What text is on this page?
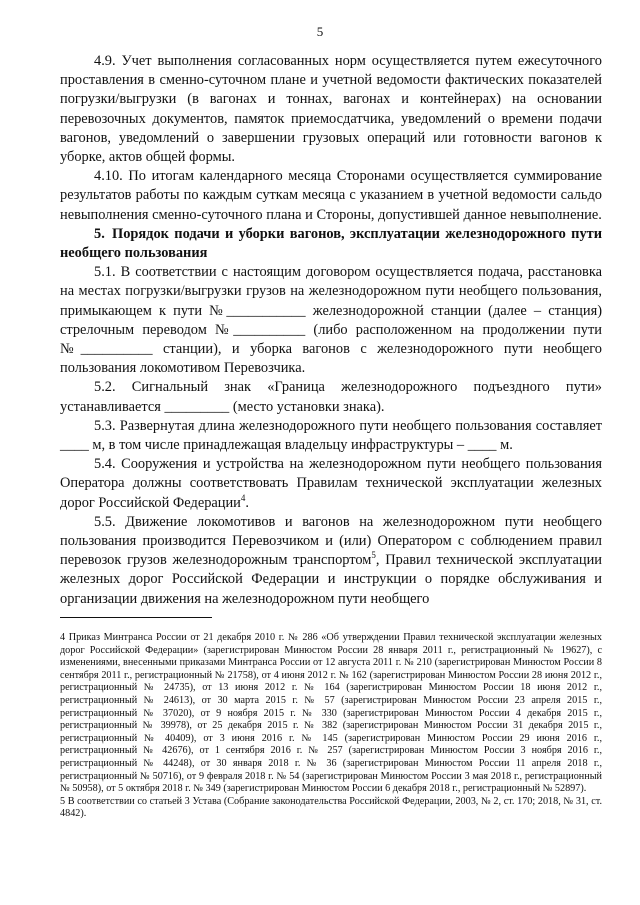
5

4.9. Учет выполнения согласованных норм осуществляется путем ежесуточного проставления в сменно-суточном плане и учетной ведомости фактических показателей погрузки/выгрузки (в вагонах и тоннах, вагонах и контейнерах) на основании перевозочных документов, памяток приемосдатчика, уведомлений о времени подачи вагонов, уведомлений о завершении грузовых операций или готовности вагонов к уборке, актов общей формы.

4.10. По итогам календарного месяца Сторонами осуществляется суммирование результатов работы по каждым суткам месяца с указанием в учетной ведомости сальдо невыполнения сменно-суточного плана и Стороны, допустившей данное невыполнение.

5. Порядок подачи и уборки вагонов, эксплуатации железнодорожного пути необщего пользования

5.1. В соответствии с настоящим договором осуществляется подача, расстановка на местах погрузки/выгрузки грузов на железнодорожном пути необщего пользования, примыкающем к пути №___________ железнодорожной станции (далее – станция) стрелочным переводом №__________ (либо расположенном на продолжении пути №__________ станции), и уборка вагонов с железнодорожного пути необщего пользования локомотивом Перевозчика.

5.2. Сигнальный знак «Граница железнодорожного подъездного пути» устанавливается _________ (место установки знака).

5.3. Развернутая длина железнодорожного пути необщего пользования составляет ____ м, в том числе принадлежащая владельцу инфраструктуры – ____ м.

5.4. Сооружения и устройства на железнодорожном пути необщего пользования Оператора должны соответствовать Правилам технической эксплуатации железных дорог Российской Федерации$^4$.

5.5. Движение локомотивов и вагонов на железнодорожном пути необщего пользования производится Перевозчиком и (или) Оператором с соблюдением правил перевозок грузов железнодорожным транспортом$^5$, Правил технической эксплуатации железных дорог Российской Федерации и инструкции о порядке обслуживания и организации движения на железнодорожном пути необщего

4 Приказ Минтранса России от 21 декабря 2010 г. № 286 «Об утверждении Правил технической эксплуатации железных дорог Российской Федерации» (зарегистрирован Минюстом России 28 января 2011 г., регистрационный № 19627), с изменениями, внесенными приказами Минтранса России от 12 августа 2011 г. № 210 (зарегистрирован Минюстом России 8 сентября 2011 г., регистрационный № 21758), от 4 июня 2012 г. № 162 (зарегистрирован Минюстом России 28 июня 2012 г., регистрационный № 24735), от 13 июня 2012 г. № 164 (зарегистрирован Минюстом России 18 июня 2012 г., регистрационный № 24613), от 30 марта 2015 г. № 57 (зарегистрирован Минюстом России 23 апреля 2015 г., регистрационный № 37020), от 9 ноября 2015 г. № 330 (зарегистрирован Минюстом России 4 декабря 2015 г., регистрационный № 39978), от 25 декабря 2015 г. № 382 (зарегистрирован Минюстом России 31 декабря 2015 г., регистрационный № 40409), от 3 июня 2016 г. № 145 (зарегистрирован Минюстом России 29 июня 2016 г., регистрационный № 42676), от 1 сентября 2016 г. № 257 (зарегистрирован Минюстом России 3 ноября 2016 г., регистрационный № 44248), от 30 января 2018 г. № 36 (зарегистрирован Минюстом России 11 апреля 2018 г., регистрационный № 50716), от 9 февраля 2018 г. № 54 (зарегистрирован Минюстом России 3 мая 2018 г., регистрационный № 50958), от 5 октября 2018 г. № 349 (зарегистрирован Минюстом России 6 декабря 2018 г., регистрационный № 52897).

5 В соответствии со статьей 3 Устава (Собрание законодательства Российской Федерации, 2003, № 2, ст. 170; 2018, № 31, ст. 4842).
